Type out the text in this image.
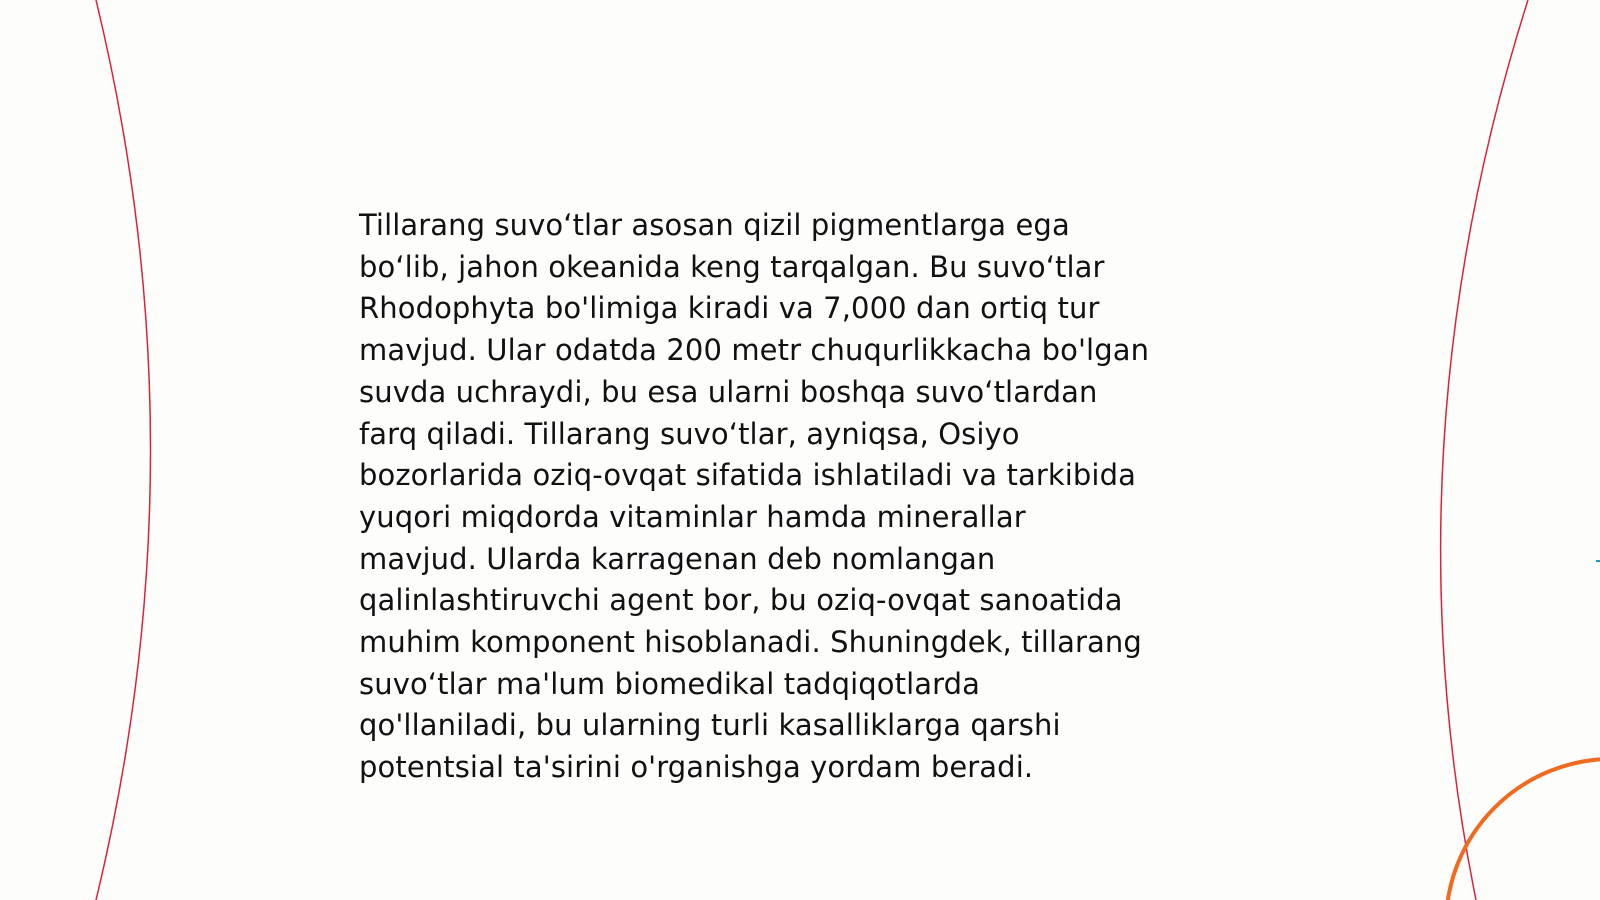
Tillarang suvo‘tlar asosan qizil pigmentlarga ega
bo‘lib, jahon okeanida keng tarqalgan. Bu suvo‘tlar
Rhodophyta bo'limiga kiradi va 7,000 dan ortiq tur
mavjud. Ular odatda 200 metr chuqurlikkacha bo'lgan
suvda uchraydi, bu esa ularni boshqa suvo‘tlardan
farq qiladi. Tillarang suvo‘tlar, ayniqsa, Osiyo
bozorlarida oziq-ovqat sifatida ishlatiladi va tarkibida
yuqori miqdorda vitaminlar hamda minerallar
mavjud. Ularda karragenan deb nomlangan
qalinlashtiruvchi agent bor, bu oziq-ovqat sanoatida
muhim komponent hisoblanadi. Shuningdek, tillarang
suvo‘tlar ma'lum biomedikal tadqiqotlarda
qo'llaniladi, bu ularning turli kasalliklarga qarshi
potentsial ta'sirini o'rganishga yordam beradi.
